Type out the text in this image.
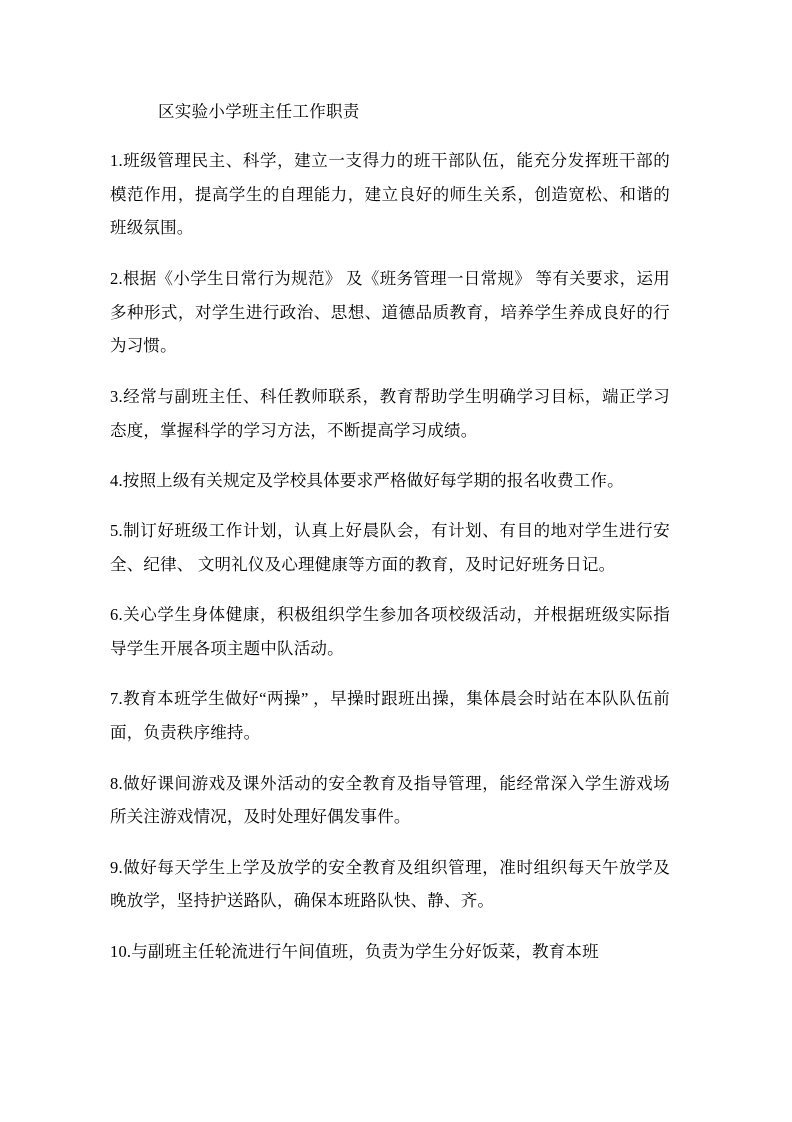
区实验小学班主任工作职责

1.班级管理民主、科学，建立一支得力的班干部队伍，能充分发挥班干部的模范作用，提高学生的自理能力，建立良好的师生关系，创造宽松、和谐的班级氛围。

2.根据《小学生日常行为规范》 及《班务管理一日常规》 等有关要求，运用多种形式，对学生进行政治、思想、道德品质教育，培养学生养成良好的行为习惯。

3.经常与副班主任、科任教师联系，教育帮助学生明确学习目标，端正学习态度，掌握科学的学习方法，不断提高学习成绩。

4.按照上级有关规定及学校具体要求严格做好每学期的报名收费工作。

5.制订好班级工作计划，认真上好晨队会，有计划、有目的地对学生进行安全、纪律、 文明礼仪及心理健康等方面的教育，及时记好班务日记。

6.关心学生身体健康，积极组织学生参加各项校级活动，并根据班级实际指导学生开展各项主题中队活动。

7.教育本班学生做好“两操” ，早操时跟班出操，集体晨会时站在本队队伍前面，负责秩序维持。

8.做好课间游戏及课外活动的安全教育及指导管理，能经常深入学生游戏场所关注游戏情况，及时处理好偶发事件。

9.做好每天学生上学及放学的安全教育及组织管理，准时组织每天午放学及晚放学，坚持护送路队，确保本班路队快、静、齐。

10.与副班主任轮流进行午间值班，负责为学生分好饭菜，教育本班
